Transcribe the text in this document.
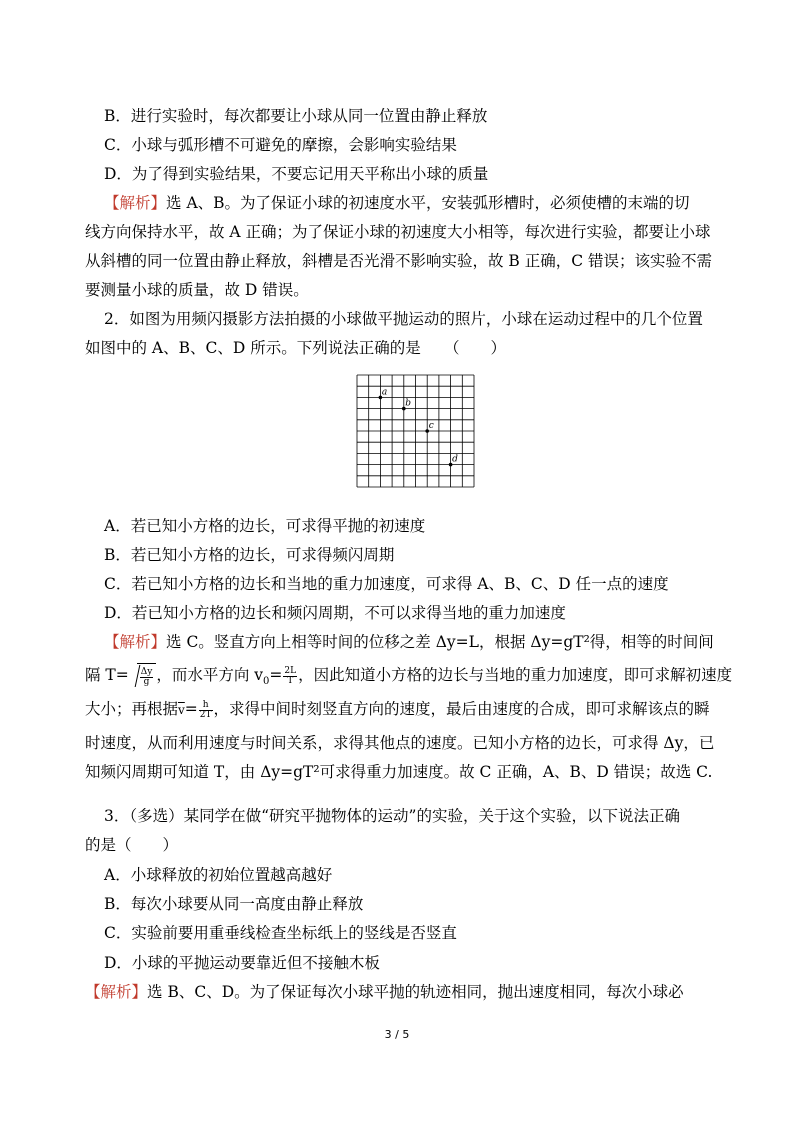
B．进行实验时，每次都要让小球从同一位置由静止释放
C．小球与弧形槽不可避免的摩擦，会影响实验结果
D．为了得到实验结果，不要忘记用天平称出小球的质量
【解析】选 A、B。为了保证小球的初速度水平，安装弧形槽时，必须使槽的末端的切
线方向保持水平，故 A 正确；为了保证小球的初速度大小相等，每次进行实验，都要让小球
从斜槽的同一位置由静止释放，斜槽是否光滑不影响实验，故 B 正确，C 错误；该实验不需
要测量小球的质量，故 D 错误。
2．如图为用频闪摄影方法拍摄的小球做平抛运动的照片，小球在运动过程中的几个位置
如图中的 A、B、C、D 所示。下列说法正确的是　　（　　）
a
b
c
d
A．若已知小方格的边长，可求得平抛的初速度
B．若已知小方格的边长，可求得频闪周期
C．若已知小方格的边长和当地的重力加速度，可求得 A、B、C、D 任一点的速度
D．若已知小方格的边长和频闪周期，不可以求得当地的重力加速度
【解析】选 C。竖直方向上相等时间的位移之差 Δy=L，根据 Δy=gT²得，相等的时间间
隔 $T= \frac{\Delta y}{g}$ ，而水平方向 $v_0= \frac{2L}{T}$ ，因此知道小方格的边长与当地的重力加速度，即可求解初速度
大小；再根据$\overline{v}= \frac{h}{2T}$ ，求得中间时刻竖直方向的速度，最后由速度的合成，即可求解该点的瞬
时速度，从而利用速度与时间关系，求得其他点的速度。已知小方格的边长，可求得 Δy，已
知频闪周期可知道 T，由 Δy=gT²可求得重力加速度。故 C 正确，A、B、D 错误；故选 C.
3．（多选）某同学在做“研究平抛物体的运动”的实验，关于这个实验，以下说法正确
的是（　　）
A．小球释放的初始位置越高越好
B．每次小球要从同一高度由静止释放
C．实验前要用重垂线检查坐标纸上的竖线是否竖直
D．小球的平抛运动要靠近但不接触木板
【解析】选 B、C、D。为了保证每次小球平抛的轨迹相同，抛出速度相同，每次小球必
3 / 5
